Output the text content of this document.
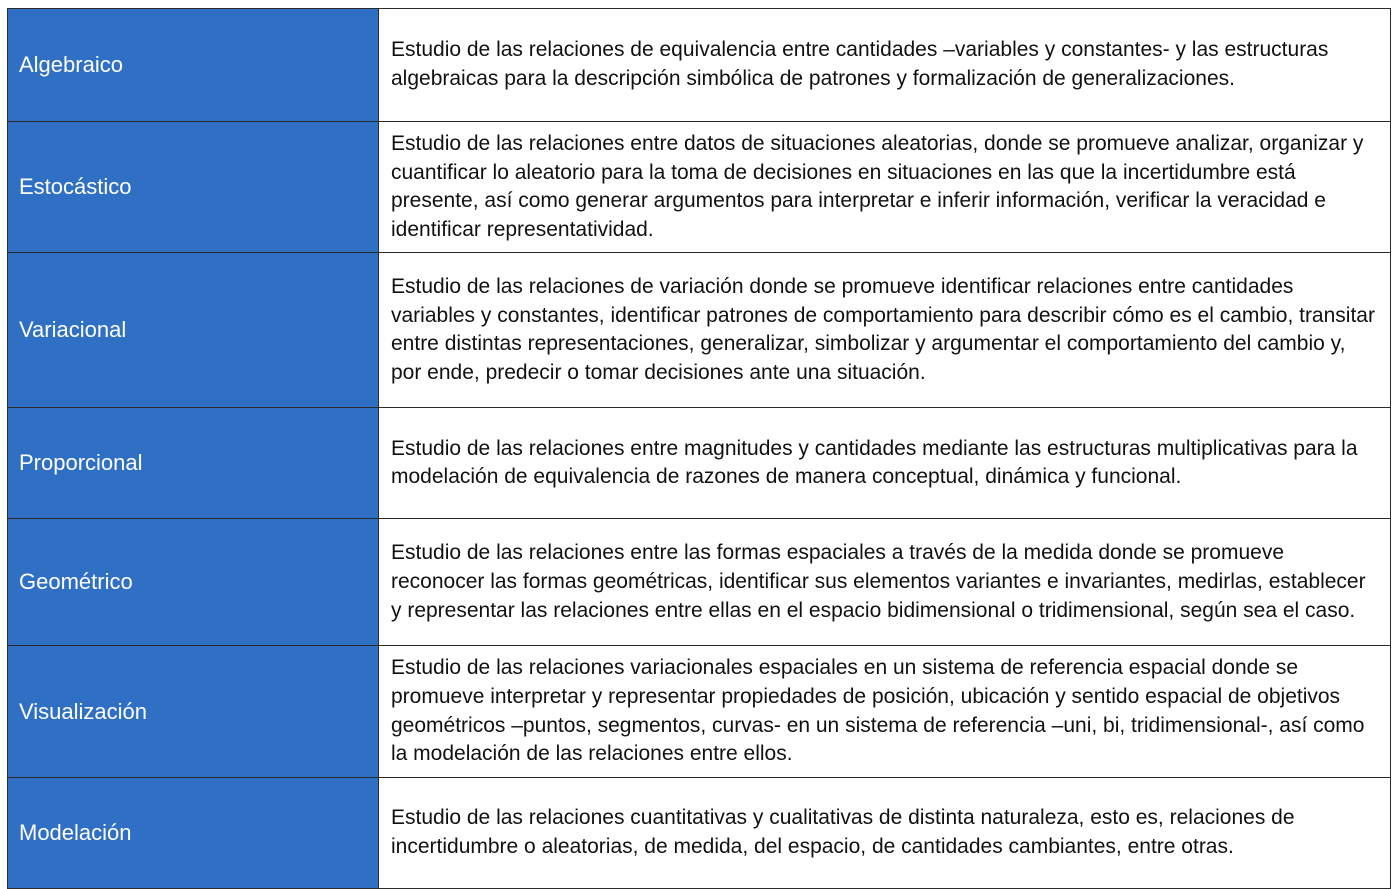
Algebraico	Estudio de las relaciones de equivalencia entre cantidades –variables y constantes- y las estructuras algebraicas para la descripción simbólica de patrones y formalización de generalizaciones.
Estocástico	Estudio de las relaciones entre datos de situaciones aleatorias, donde se promueve analizar, organizar y cuantificar lo aleatorio para la toma de decisiones en situaciones en las que la incertidumbre está presente, así como generar argumentos para interpretar e inferir información, verificar la veracidad e identificar representatividad.
Variacional	Estudio de las relaciones de variación donde se promueve identificar relaciones entre cantidades variables y constantes, identificar patrones de comportamiento para describir cómo es el cambio, transitar entre distintas representaciones, generalizar, simbolizar y argumentar el comportamiento del cambio y, por ende, predecir o tomar decisiones ante una situación.
Proporcional	Estudio de las relaciones entre magnitudes y cantidades mediante las estructuras multiplicativas para la modelación de equivalencia de razones de manera conceptual, dinámica y funcional.
Geométrico	Estudio de las relaciones entre las formas espaciales a través de la medida donde se promueve reconocer las formas geométricas, identificar sus elementos variantes e invariantes, medirlas, establecer y representar las relaciones entre ellas en el espacio bidimensional o tridimensional, según sea el caso.
Visualización	Estudio de las relaciones variacionales espaciales en un sistema de referencia espacial donde se promueve interpretar y representar propiedades de posición, ubicación y sentido espacial de objetivos geométricos –puntos, segmentos, curvas- en un sistema de referencia –uni, bi, tridimensional-, así como la modelación de las relaciones entre ellos.
Modelación	Estudio de las relaciones cuantitativas y cualitativas de distinta naturaleza, esto es, relaciones de incertidumbre o aleatorias, de medida, del espacio, de cantidades cambiantes, entre otras.
